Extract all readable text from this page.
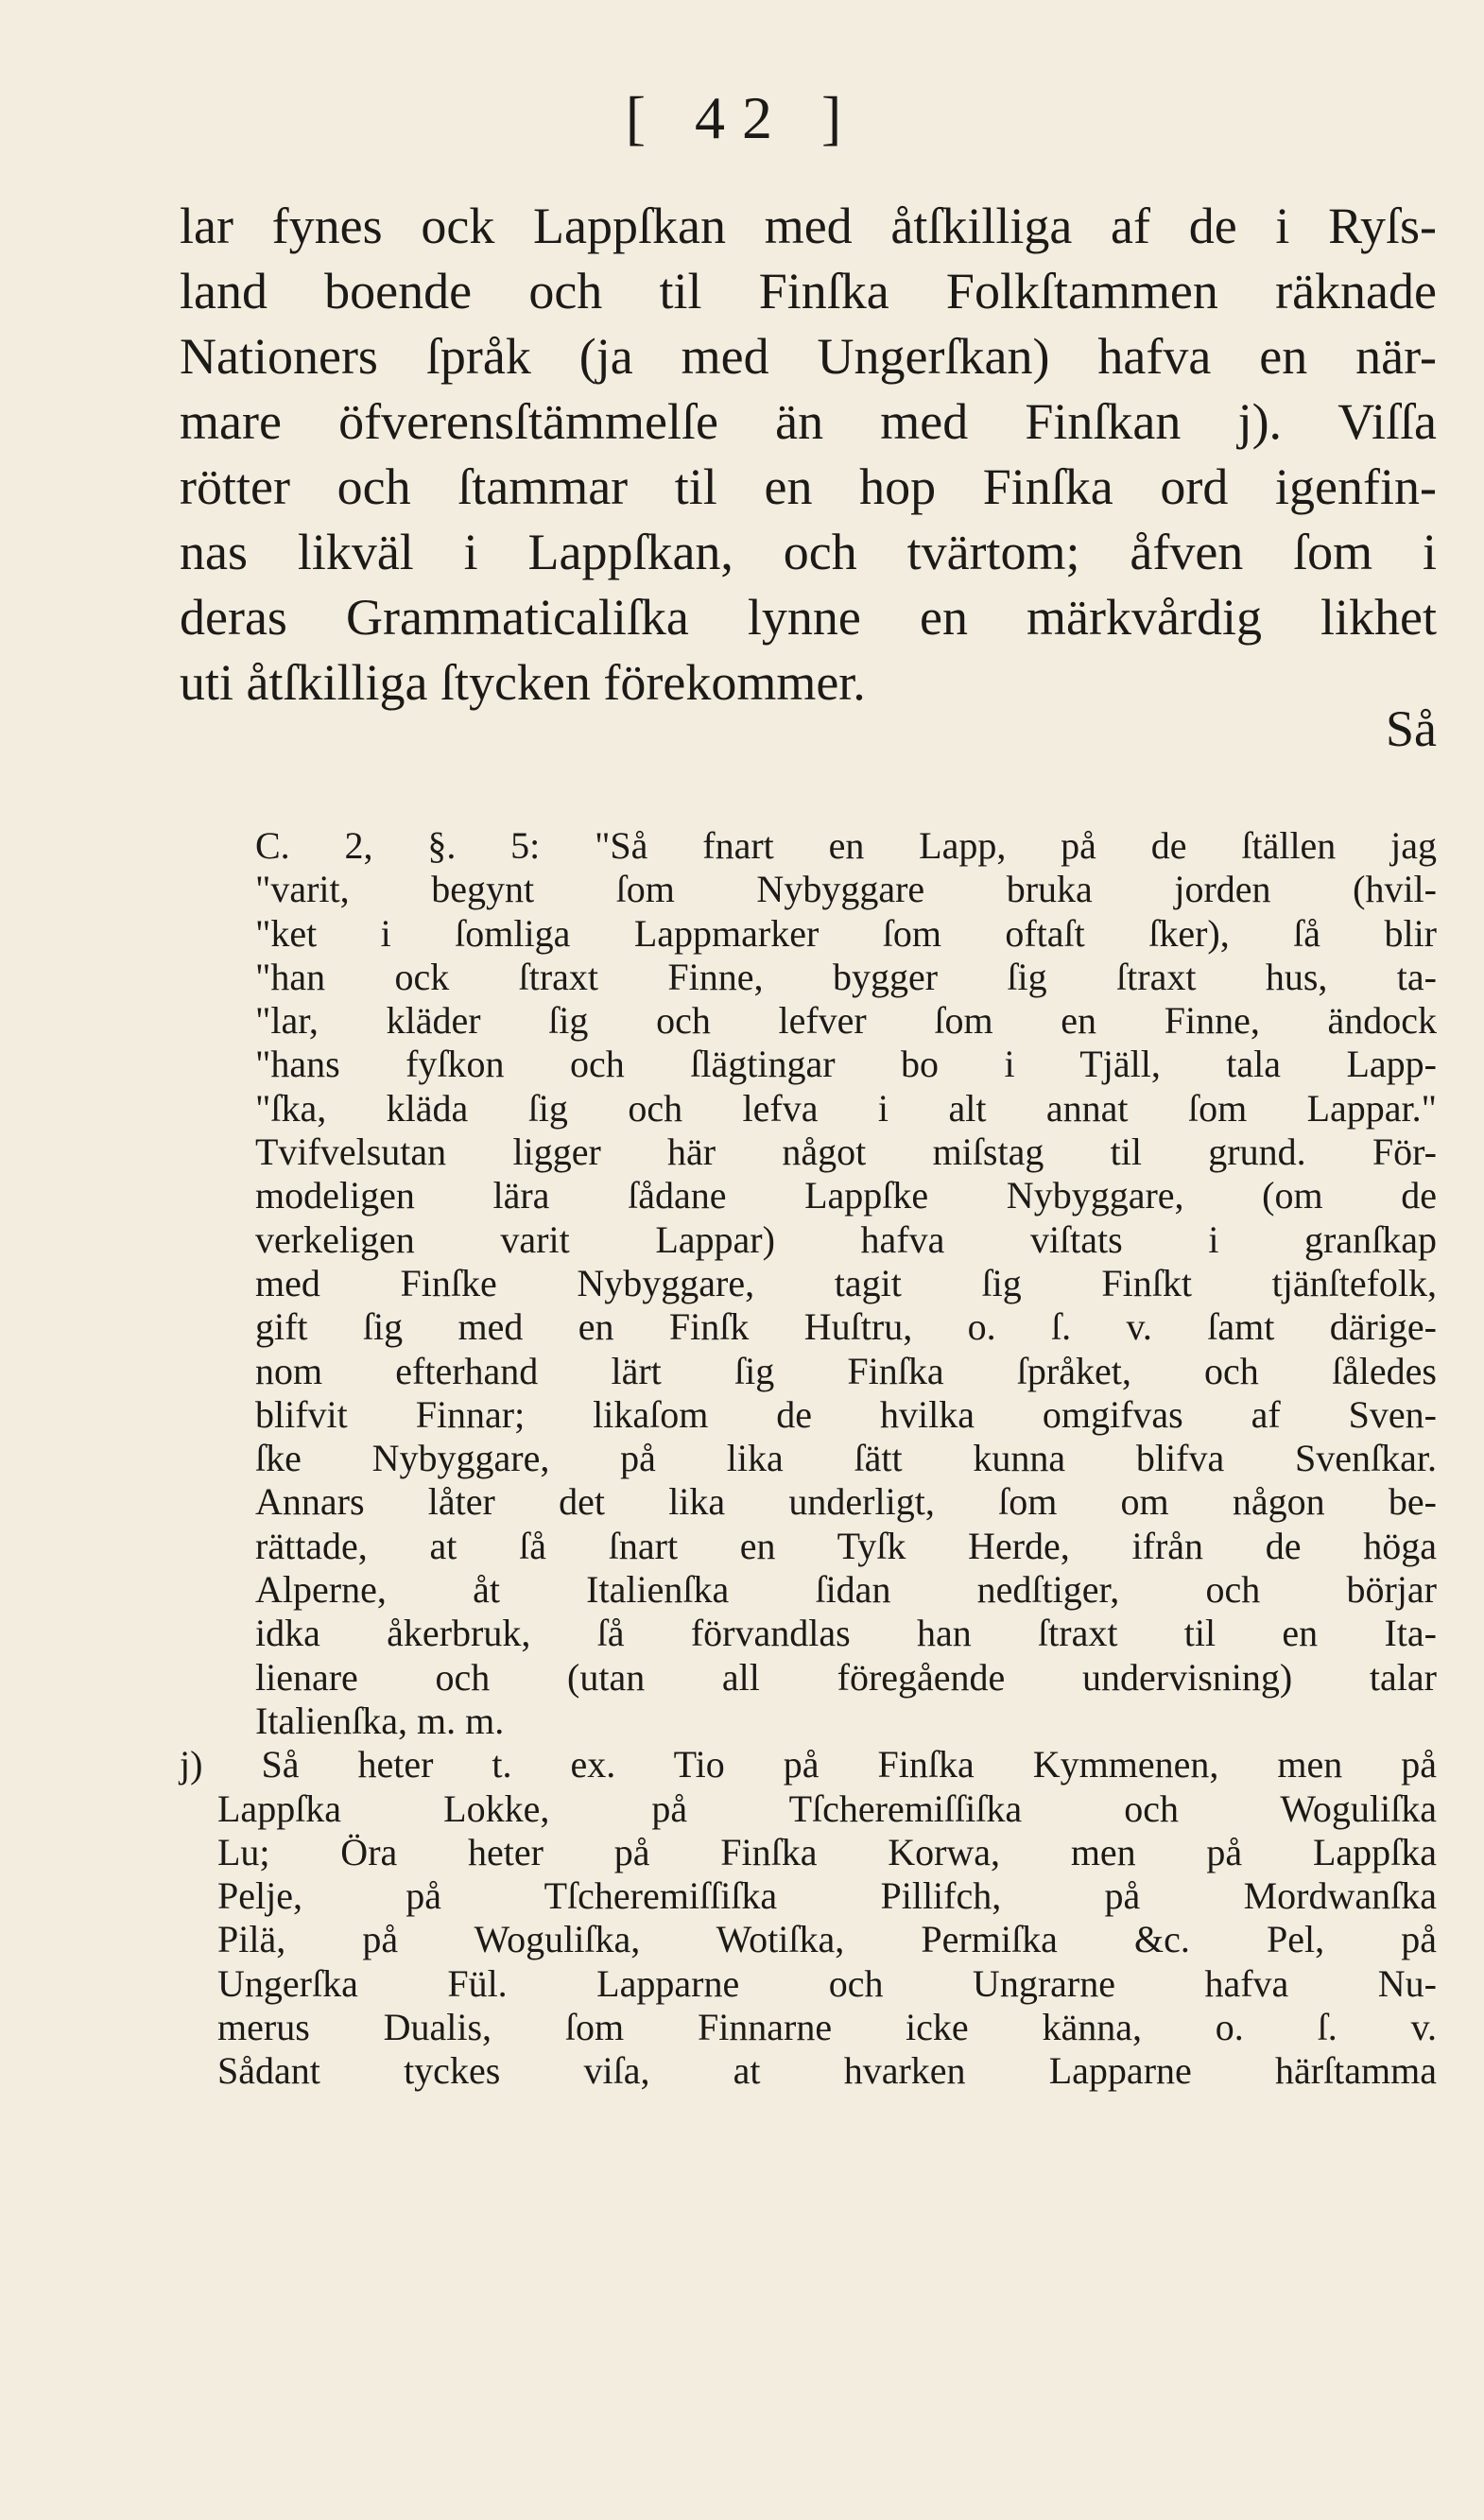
[ 42 ]
lar fynes ock Lappſkan med åtſkilliga af de i Ryſs-
land boende och til Finſka Folkſtammen räknade
Nationers ſpråk (ja med Ungerſkan) hafva en när-
mare öfverensſtämmelſe än med Finſkan j). Viſſa
rötter och ſtammar til en hop Finſka ord igenfin-
nas likväl i Lappſkan, och tvärtom; åfven ſom i
deras Grammaticaliſka lynne en märkvårdig likhet
uti åtſkilliga ſtycken förekommer.
Så
C. 2, §. 5: "Så fnart en Lapp, på de ſtällen jag
"varit, begynt ſom Nybyggare bruka jorden (hvil-
"ket i ſomliga Lappmarker ſom oftaſt ſker), ſå blir
"han ock ſtraxt Finne, bygger ſig ſtraxt hus, ta-
"lar, kläder ſig och lefver ſom en Finne, ändock
"hans fyſkon och ſlägtingar bo i Tjäll, tala Lapp-
"ſka, kläda ſig och lefva i alt annat ſom Lappar."
Tvifvelsutan ligger här något miſstag til grund. För-
modeligen lära ſådane Lappſke Nybyggare, (om de
verkeligen varit Lappar) hafva viſtats i granſkap
med Finſke Nybyggare, tagit ſig Finſkt tjänſtefolk,
gift ſig med en Finſk Huſtru, o. ſ. v. ſamt därige-
nom efterhand lärt ſig Finſka ſpråket, och ſåledes
blifvit Finnar; likaſom de hvilka omgifvas af Sven-
ſke Nybyggare, på lika ſätt kunna blifva Svenſkar.
Annars låter det lika underligt, ſom om någon be-
rättade, at ſå ſnart en Tyſk Herde, ifrån de höga
Alperne, åt Italienſka ſidan nedſtiger, och börjar
idka åkerbruk, ſå förvandlas han ſtraxt til en Ita-
lienare och (utan all föregående undervisning) talar
Italienſka, m. m.
j) Så heter t. ex. Tio på Finſka Kymmenen, men på
Lappſka Lokke, på Tſcheremiſſiſka och Woguliſka
Lu; Öra heter på Finſka Korwa, men på Lappſka
Pelje, på Tſcheremiſſiſka Pillifch, på Mordwanſka
Pilä, på Woguliſka, Wotiſka, Permiſka &c. Pel, på
Ungerſka Fül. Lapparne och Ungrarne hafva Nu-
merus Dualis, ſom Finnarne icke känna, o. ſ. v.
Sådant tyckes viſa, at hvarken Lapparne härſtamma
